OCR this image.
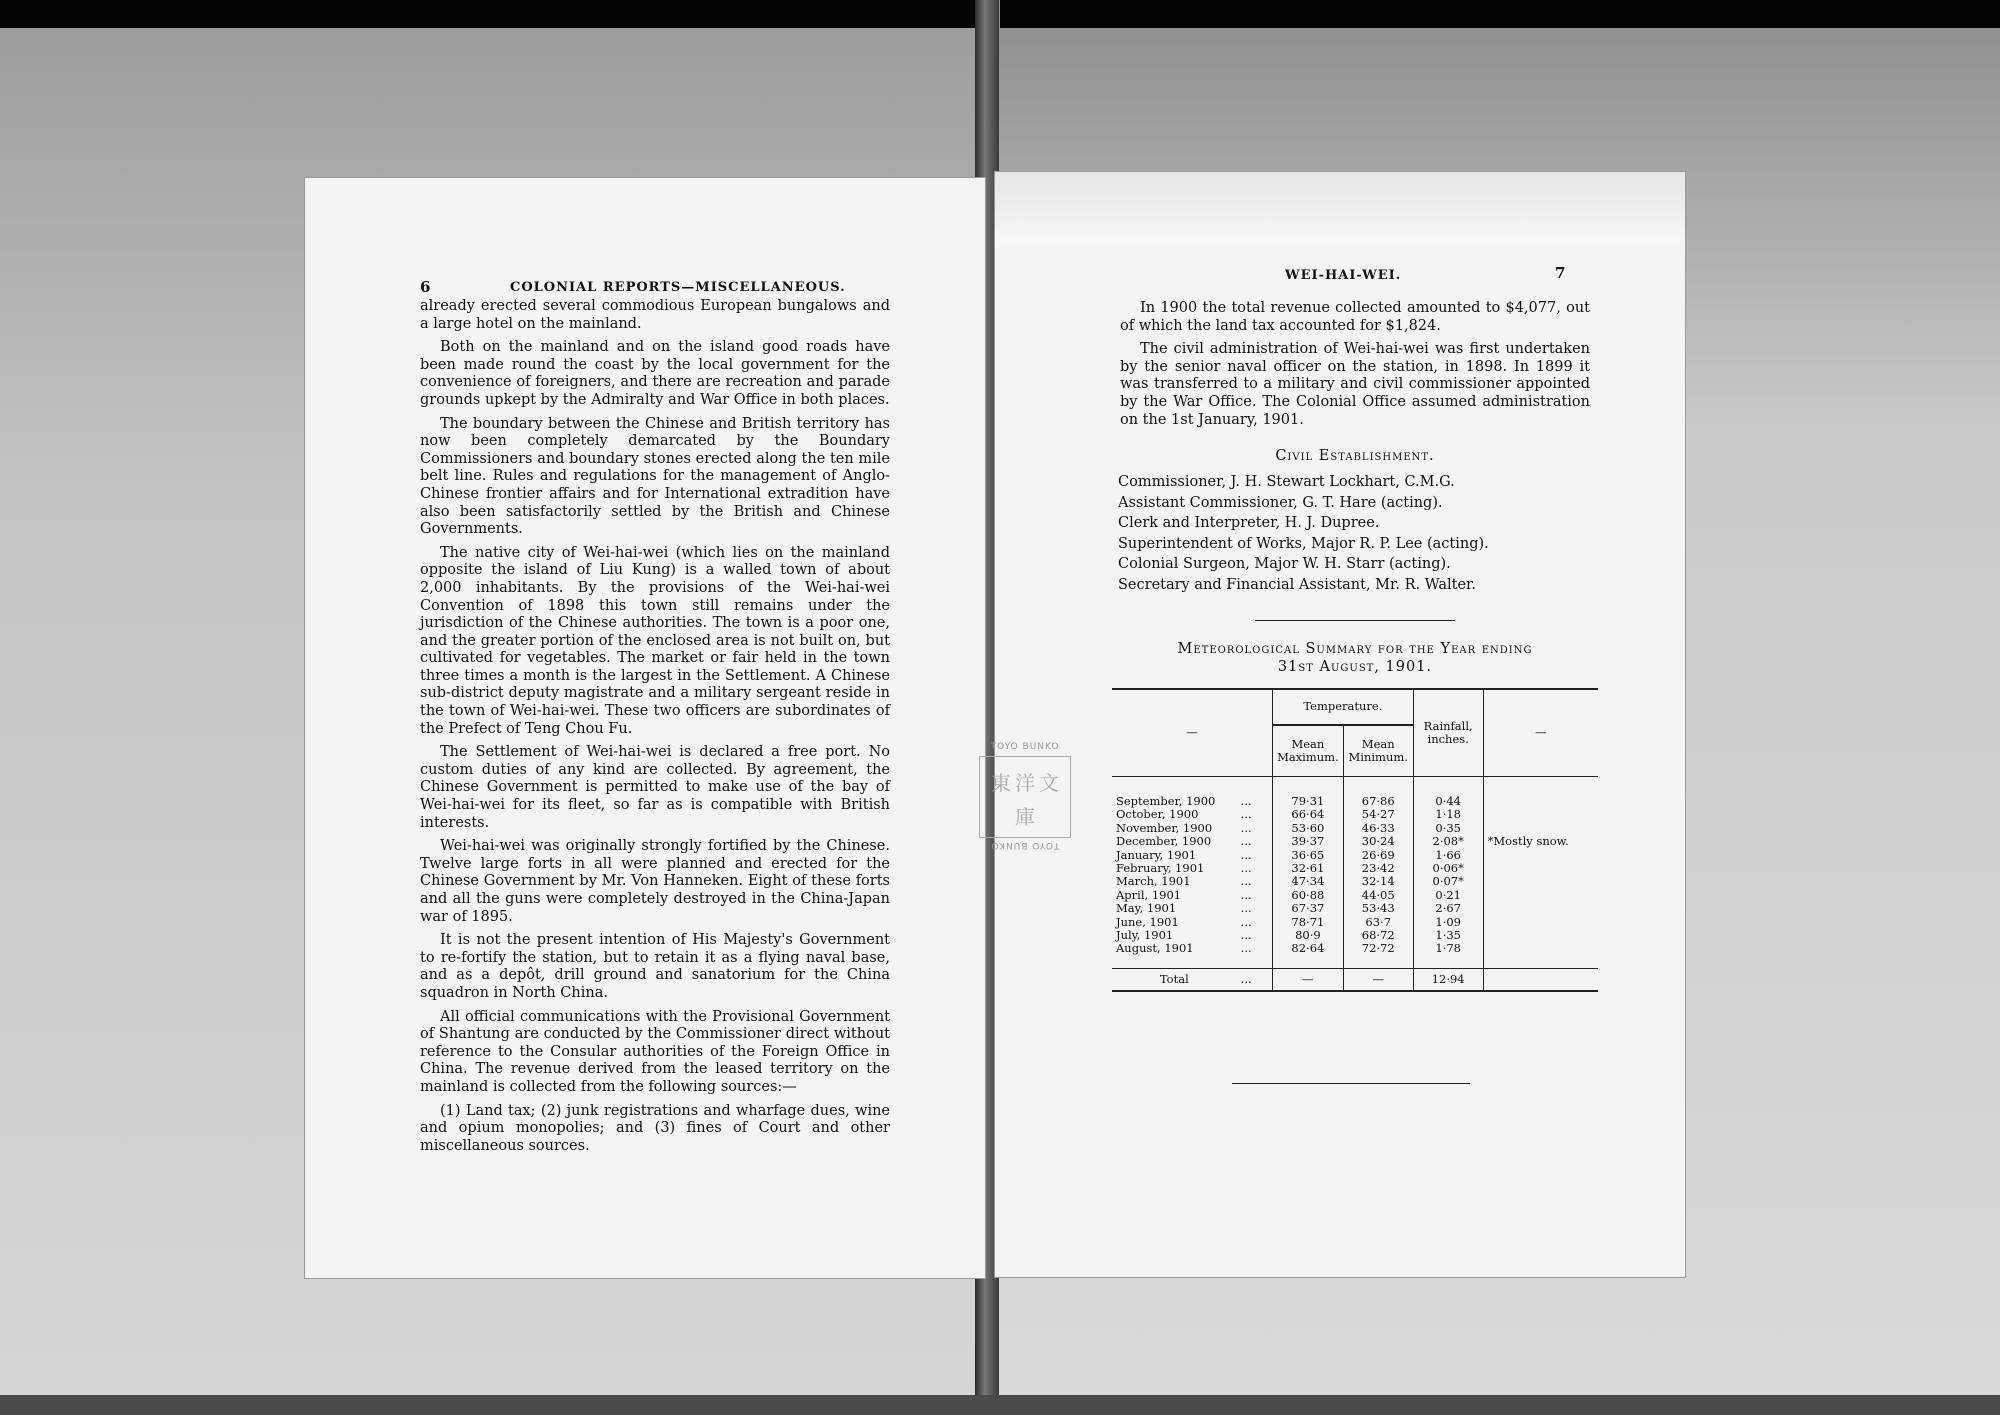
6	COLONIAL REPORTS—MISCELLANEOUS.

already erected several commodious European bungalows and a large hotel on the mainland.

Both on the mainland and on the island good roads have been made round the coast by the local government for the convenience of foreigners, and there are recreation and parade grounds upkept by the Admiralty and War Office in both places.

The boundary between the Chinese and British territory has now been completely demarcated by the Boundary Commissioners and boundary stones erected along the ten mile belt line. Rules and regulations for the management of Anglo-Chinese frontier affairs and for International extradition have also been satisfactorily settled by the British and Chinese Governments.

The native city of Wei-hai-wei (which lies on the mainland opposite the island of Liu Kung) is a walled town of about 2,000 inhabitants. By the provisions of the Wei-hai-wei Convention of 1898 this town still remains under the jurisdiction of the Chinese authorities. The town is a poor one, and the greater portion of the enclosed area is not built on, but cultivated for vegetables. The market or fair held in the town three times a month is the largest in the Settlement. A Chinese sub-district deputy magistrate and a military sergeant reside in the town of Wei-hai-wei. These two officers are subordinates of the Prefect of Teng Chou Fu.

The Settlement of Wei-hai-wei is declared a free port. No custom duties of any kind are collected. By agreement, the Chinese Government is permitted to make use of the bay of Wei-hai-wei for its fleet, so far as is compatible with British interests.

Wei-hai-wei was originally strongly fortified by the Chinese. Twelve large forts in all were planned and erected for the Chinese Government by Mr. Von Hanneken. Eight of these forts and all the guns were completely destroyed in the China-Japan war of 1895.

It is not the present intention of His Majesty's Government to re-fortify the station, but to retain it as a flying naval base, and as a depôt, drill ground and sanatorium for the China squadron in North China.

All official communications with the Provisional Government of Shantung are conducted by the Commissioner direct without reference to the Consular authorities of the Foreign Office in China. The revenue derived from the leased territory on the mainland is collected from the following sources:—

(1) Land tax; (2) junk registrations and wharfage dues, wine and opium monopolies; and (3) fines of Court and other miscellaneous sources.

WEI-HAI-WEI.	7

In 1900 the total revenue collected amounted to $4,077, out of which the land tax accounted for $1,824.

The civil administration of Wei-hai-wei was first undertaken by the senior naval officer on the station, in 1898. In 1899 it was transferred to a military and civil commissioner appointed by the War Office. The Colonial Office assumed administration on the 1st January, 1901.

Civil Establishment.
Commissioner, J. H. Stewart Lockhart, C.M.G.
Assistant Commissioner, G. T. Hare (acting).
Clerk and Interpreter, H. J. Dupree.
Superintendent of Works, Major R. P. Lee (acting).
Colonial Surgeon, Major W. H. Starr (acting).
Secretary and Financial Assistant, Mr. R. Walter.
Meteorological Summary for the Year ending
31st August, 1901.
—		Temperature.		Rainfall, inches.	—
		Mean Maximum.	Mean Minimum.		

September, 1900	...	79·31	67·86	0·44	
October, 1900	...	66·64	54·27	1·18	
November, 1900	...	53·60	46·33	0·35	
December, 1900	...	39·37	30·24	2·08*	*Mostly snow.
January, 1901	...	36·65	26·69	1·66	
February, 1901	...	32·61	23·42	0·06*	
March, 1901	...	47·34	32·14	0·07*	
April, 1901	...	60·88	44·05	0·21	
May, 1901	...	67·37	53·43	2·67	
June, 1901	...	78·71	63·7	1·09	
July, 1901	...	80·9	68·72	1·35	
August, 1901	...	82·64	72·72	1·78	

Total	...	—	—	12·94	
TOYO BUNKO
東洋文庫
TOYO BUNKO
